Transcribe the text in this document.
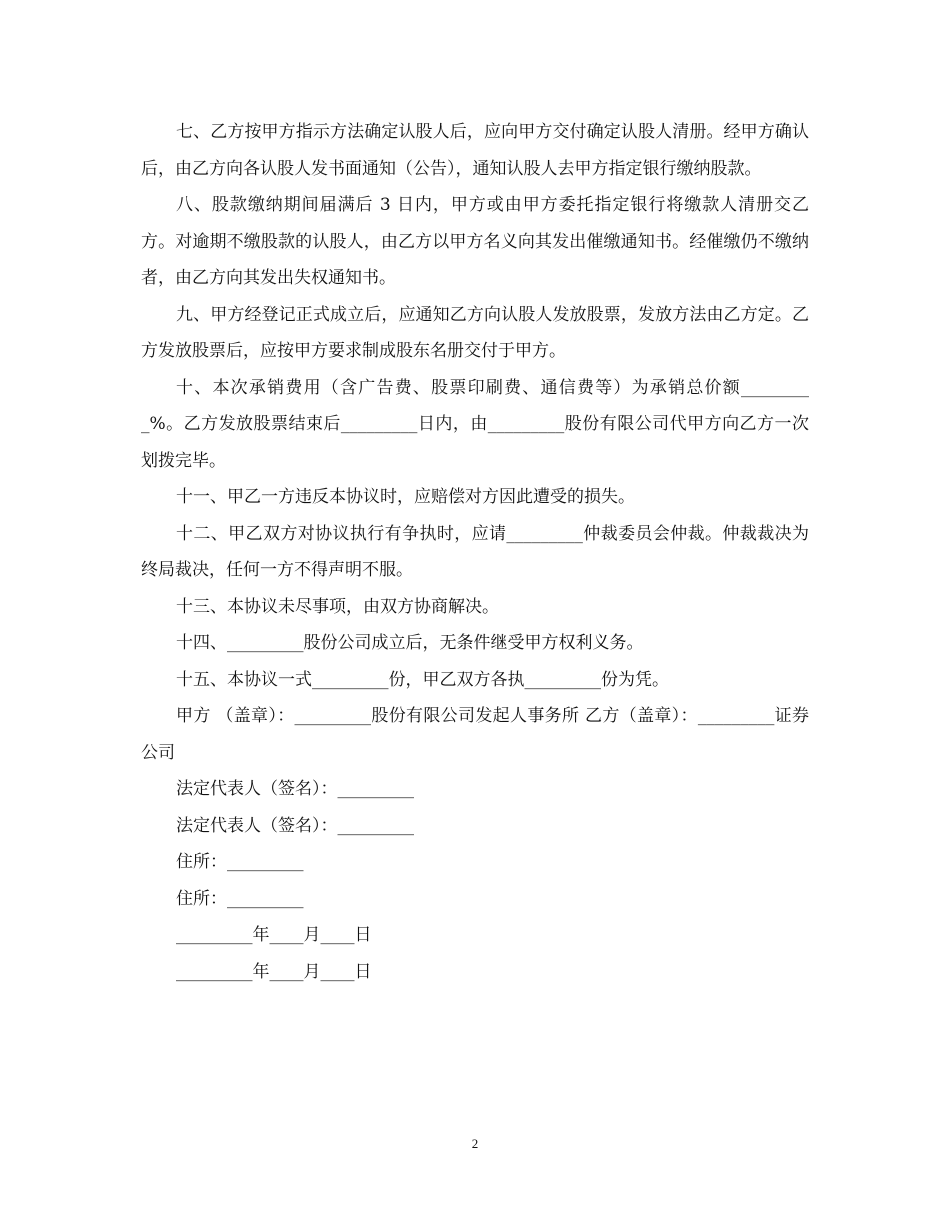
七、乙方按甲方指示方法确定认股人后，应向甲方交付确定认股人清册。经甲方确认后，由乙方向各认股人发书面通知（公告），通知认股人去甲方指定银行缴纳股款。

八、股款缴纳期间届满后 3 日内，甲方或由甲方委托指定银行将缴款人清册交乙方。对逾期不缴股款的认股人，由乙方以甲方名义向其发出催缴通知书。经催缴仍不缴纳者，由乙方向其发出失权通知书。

九、甲方经登记正式成立后，应通知乙方向认股人发放股票，发放方法由乙方定。乙方发放股票后，应按甲方要求制成股东名册交付于甲方。

十、本次承销费用（含广告费、股票印刷费、通信费等）为承销总价额_________%。乙方发放股票结束后_________日内，由_________股份有限公司代甲方向乙方一次划拨完毕。

十一、甲乙一方违反本协议时，应赔偿对方因此遭受的损失。

十二、甲乙双方对协议执行有争执时，应请_________仲裁委员会仲裁。仲裁裁决为终局裁决，任何一方不得声明不服。

十三、本协议未尽事项，由双方协商解决。

十四、_________股份公司成立后，无条件继受甲方权利义务。

十五、本协议一式_________份，甲乙双方各执_________份为凭。

甲方 （盖章）：_________股份有限公司发起人事务所 乙方（盖章）：_________证券公司

法定代表人（签名）：_________
法定代表人（签名）：_________
住所：_________
住所：_________
_________年____月____日
_________年____月____日
2
